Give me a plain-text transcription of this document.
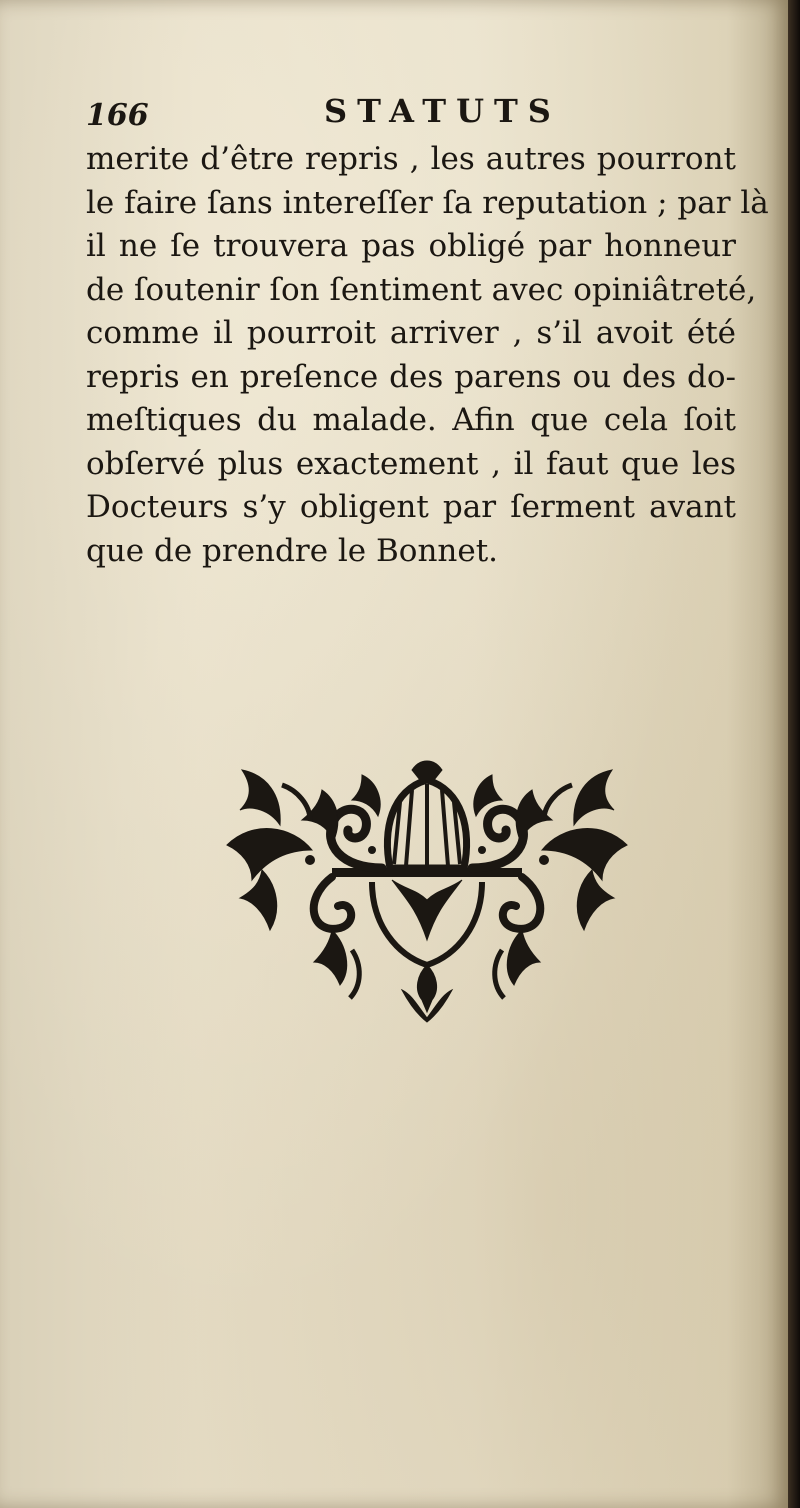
166	STATUTS
merite d’être repris , les autres pourront
le faire ſans intereſſer ſa reputation ; par là
il ne ſe trouvera pas obligé par honneur
de ſoutenir ſon ſentiment avec opiniâtreté,
comme il pourroit arriver , s’il avoit été
repris en preſence des parens ou des do-
meſtiques du malade. Afin que cela ſoit
obſervé plus exactement , il faut que les
Docteurs s’y obligent par ſerment avant
que de prendre le Bonnet.
